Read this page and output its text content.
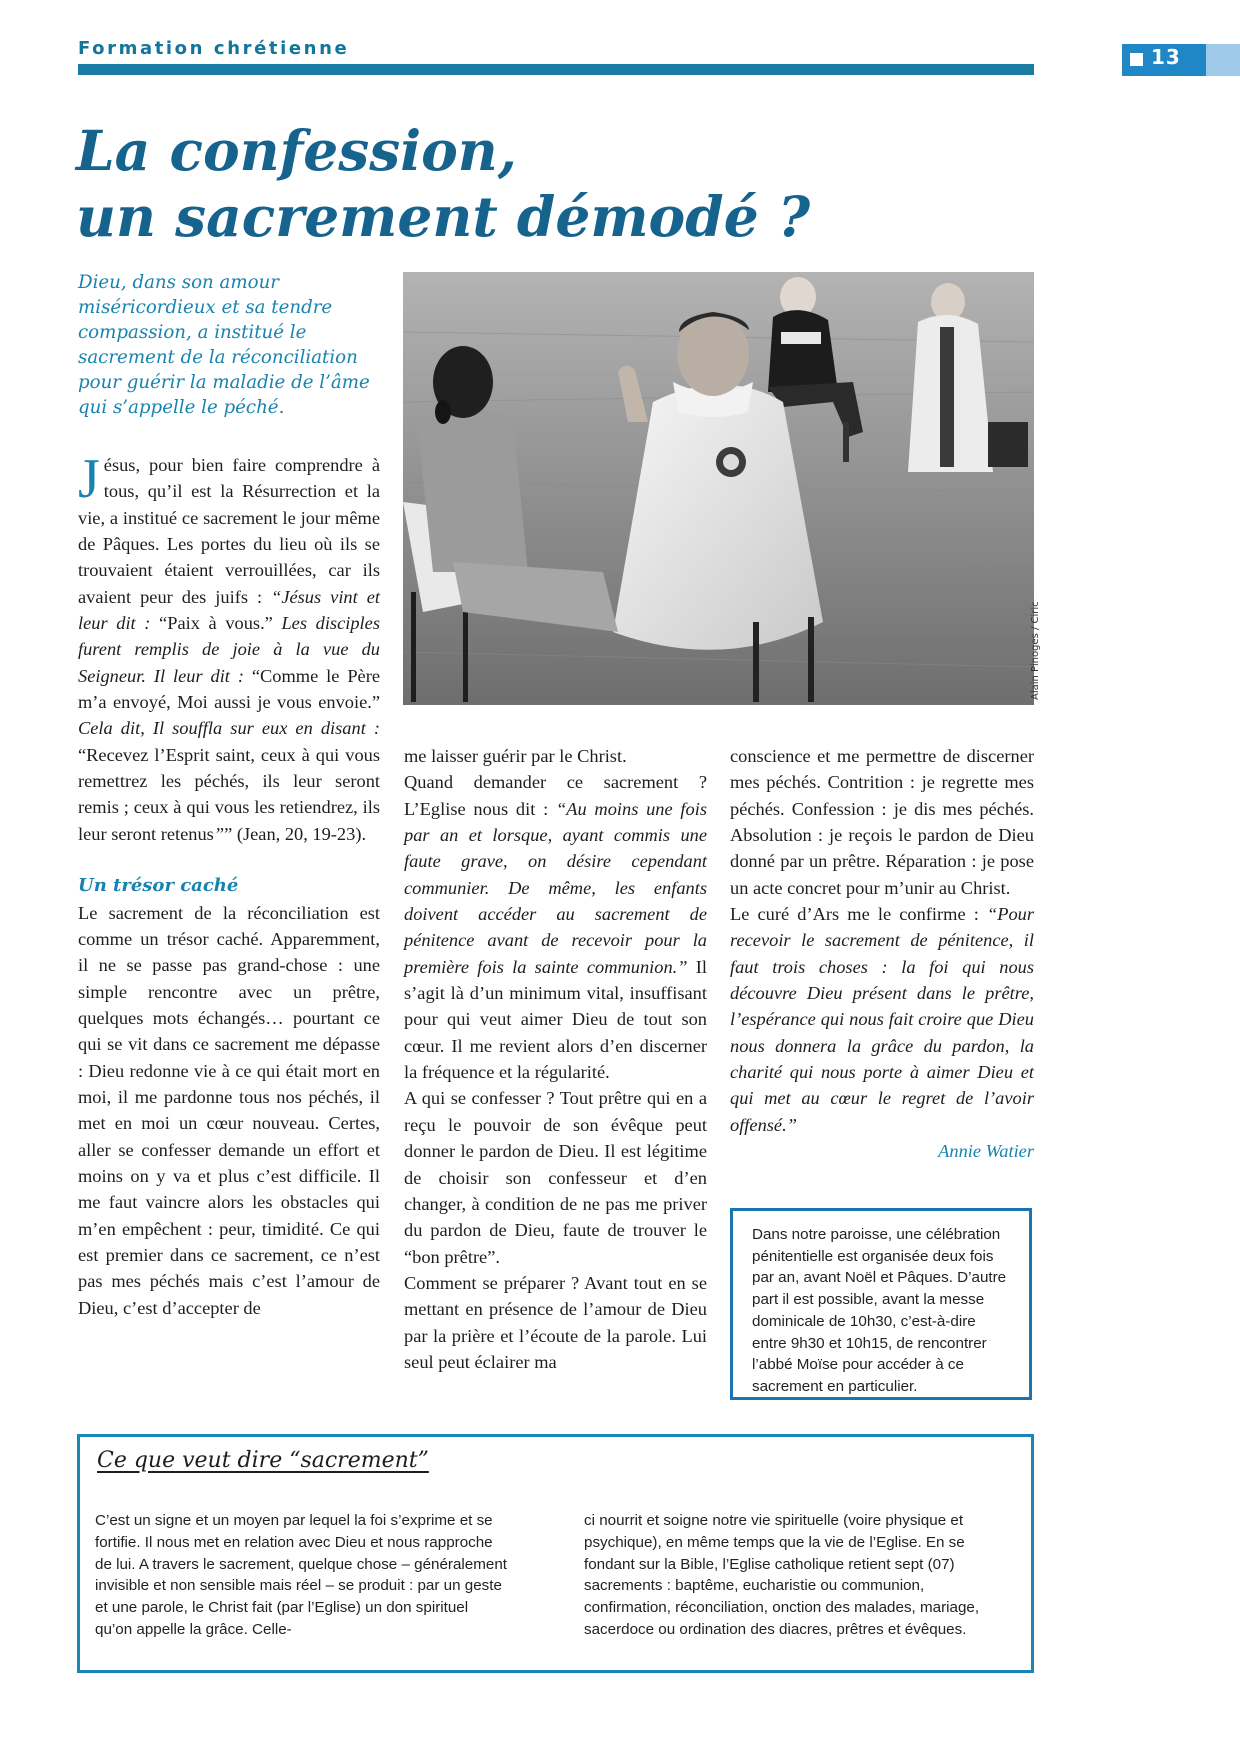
Formation chrétienne	13
La confession,
un sacrement démodé ?

Dieu, dans son amour miséricordieux et sa tendre compassion, a institué le sacrement de la réconciliation pour guérir la maladie de l’âme qui s’appelle le péché.

Alain Pinoges / Ciric

Jésus, pour bien faire comprendre à tous, qu’il est la Résurrection et la vie, a institué ce sacrement le jour même de Pâques. Les portes du lieu où ils se trouvaient étaient verrouillées, car ils avaient peur des juifs : “Jésus vint et leur dit : “Paix à vous.” Les disciples furent remplis de joie à la vue du Seigneur. Il leur dit : “Comme le Père m’a envoyé, Moi aussi je vous envoie.” Cela dit, Il souffla sur eux en disant : “Recevez l’Esprit saint, ceux à qui vous remettrez les péchés, ils leur seront remis ; ceux à qui vous les retiendrez, ils leur seront retenus”” (Jean, 20, 19-23).

Un trésor caché

Le sacrement de la réconciliation est comme un trésor caché. Apparemment, il ne se passe pas grand-chose : une simple rencontre avec un prêtre, quelques mots échangés… pourtant ce qui se vit dans ce sacrement me dépasse : Dieu redonne vie à ce qui était mort en moi, il me pardonne tous nos péchés, il met en moi un cœur nouveau. Certes, aller se confesser demande un effort et moins on y va et plus c’est difficile. Il me faut vaincre alors les obstacles qui m’en empêchent : peur, timidité. Ce qui est premier dans ce sacrement, ce n’est pas mes péchés mais c’est l’amour de Dieu, c’est d’accepter de

me laisser guérir par le Christ.

Quand demander ce sacrement ? L’Eglise nous dit : “Au moins une fois par an et lorsque, ayant commis une faute grave, on désire cependant communier. De même, les enfants doivent accéder au sacrement de pénitence avant de recevoir pour la première fois la sainte communion.” Il s’agit là d’un minimum vital, insuffisant pour qui veut aimer Dieu de tout son cœur. Il me revient alors d’en discerner la fréquence et la régularité.

A qui se confesser ? Tout prêtre qui en a reçu le pouvoir de son évêque peut donner le pardon de Dieu. Il est légitime de choisir son confesseur et d’en changer, à condition de ne pas me priver du pardon de Dieu, faute de trouver le “bon prêtre”.

Comment se préparer ? Avant tout en se mettant en présence de l’amour de Dieu par la prière et l’écoute de la parole. Lui seul peut éclairer ma

conscience et me permettre de discerner mes péchés. Contrition : je regrette mes péchés. Confession : je dis mes péchés. Absolution : je reçois le pardon de Dieu donné par un prêtre. Réparation : je pose un acte concret pour m’unir au Christ.

Le curé d’Ars me le confirme : “Pour recevoir le sacrement de pénitence, il faut trois choses : la foi qui nous découvre Dieu présent dans le prêtre, l’espérance qui nous fait croire que Dieu nous donnera la grâce du pardon, la charité qui nous porte à aimer Dieu et qui met au cœur le regret de l’avoir offensé.”

Annie Watier

Dans notre paroisse, une célébration pénitentielle est organisée deux fois par an, avant Noël et Pâques. D’autre part il est possible, avant la messe dominicale de 10h30, c’est-à-dire entre 9h30 et 10h15, de rencontrer l’abbé Moïse pour accéder à ce sacrement en particulier.

Ce que veut dire “sacrement”

C’est un signe et un moyen par lequel la foi s’exprime et se fortifie. Il nous met en relation avec Dieu et nous rapproche de lui. A travers le sacrement, quelque chose – généralement invisible et non sensible mais réel – se produit : par un geste et une parole, le Christ fait (par l’Eglise) un don spirituel qu’on appelle la grâce. Celle-

ci nourrit et soigne notre vie spirituelle (voire physique et psychique), en même temps que la vie de l’Eglise. En se fondant sur la Bible, l’Eglise catholique retient sept (07) sacrements : baptême, eucharistie ou communion, confirmation, réconciliation, onction des malades, mariage, sacerdoce ou ordination des diacres, prêtres et évêques.
